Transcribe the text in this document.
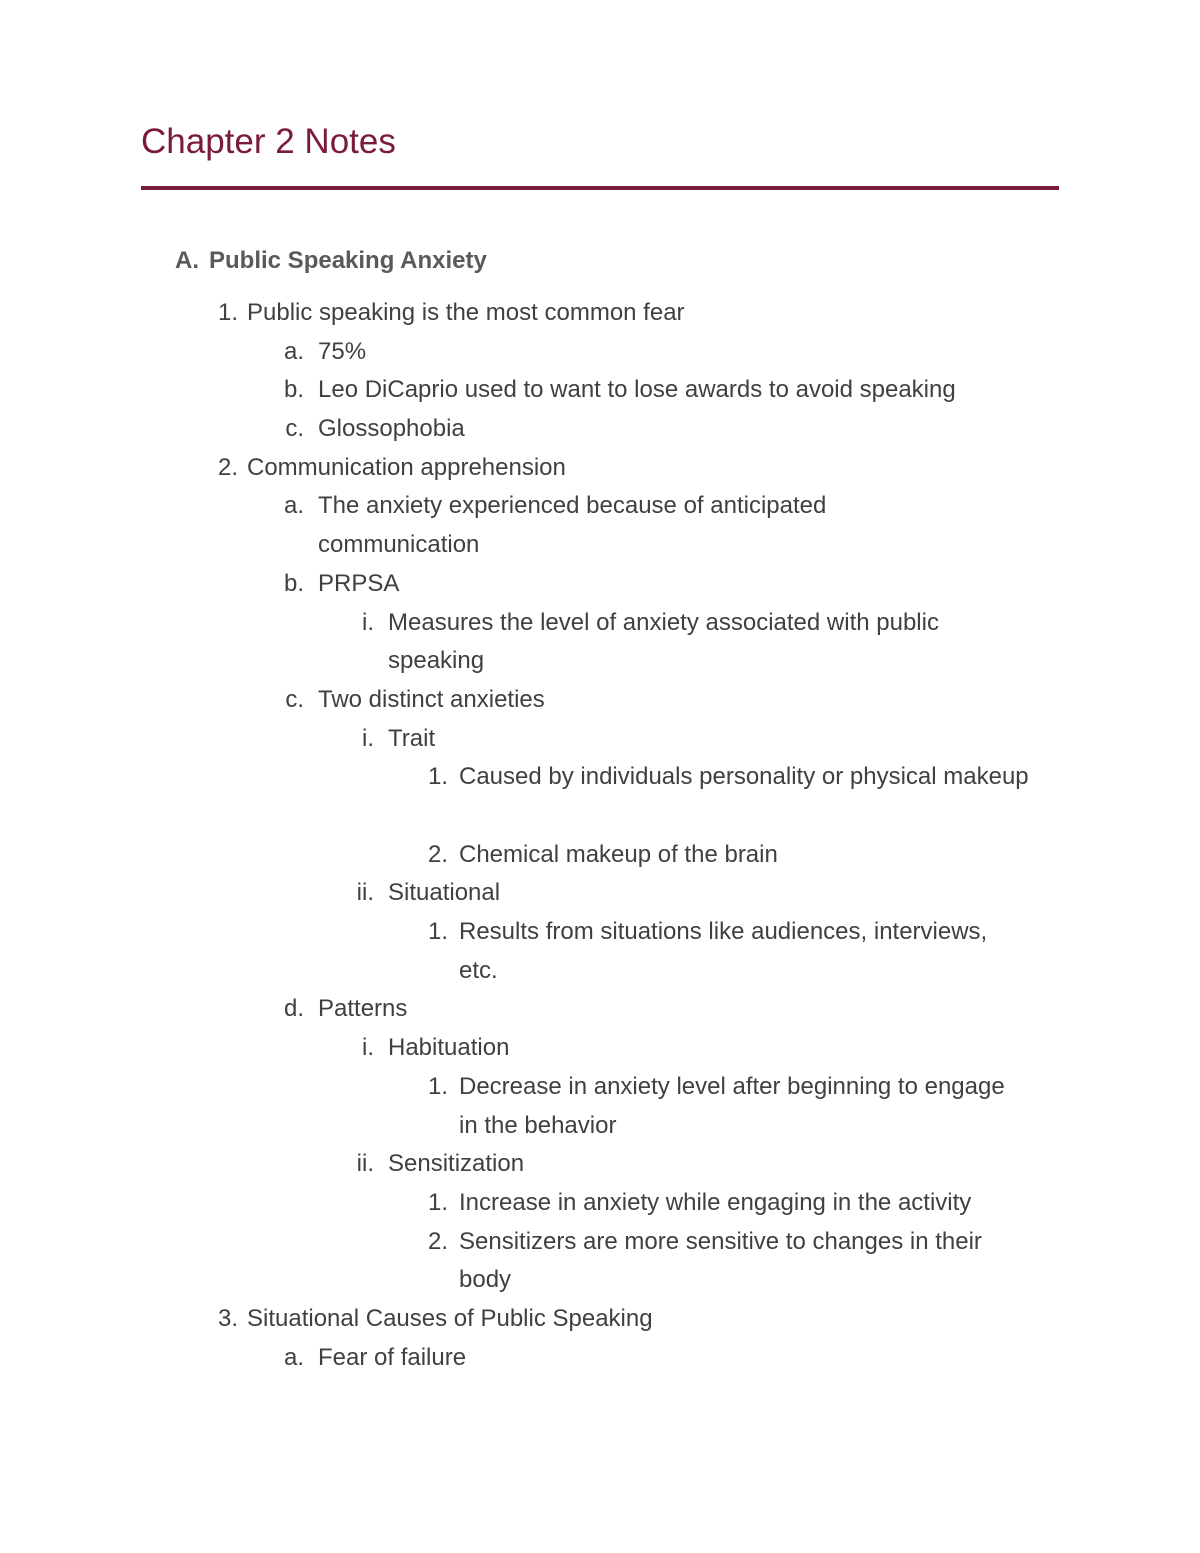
Chapter 2 Notes
A. Public Speaking Anxiety
1. Public speaking is the most common fear
a. 75%
b. Leo DiCaprio used to want to lose awards to avoid speaking
c. Glossophobia
2. Communication apprehension
a. The anxiety experienced because of anticipated communication
b. PRPSA
i. Measures the level of anxiety associated with public speaking
c. Two distinct anxieties
i. Trait
1. Caused by individuals personality or physical makeup
2. Chemical makeup of the brain
ii. Situational
1. Results from situations like audiences, interviews, etc.
d. Patterns
i. Habituation
1. Decrease in anxiety level after beginning to engage in the behavior
ii. Sensitization
1. Increase in anxiety while engaging in the activity
2. Sensitizers are more sensitive to changes in their body
3. Situational Causes of Public Speaking
a. Fear of failure
